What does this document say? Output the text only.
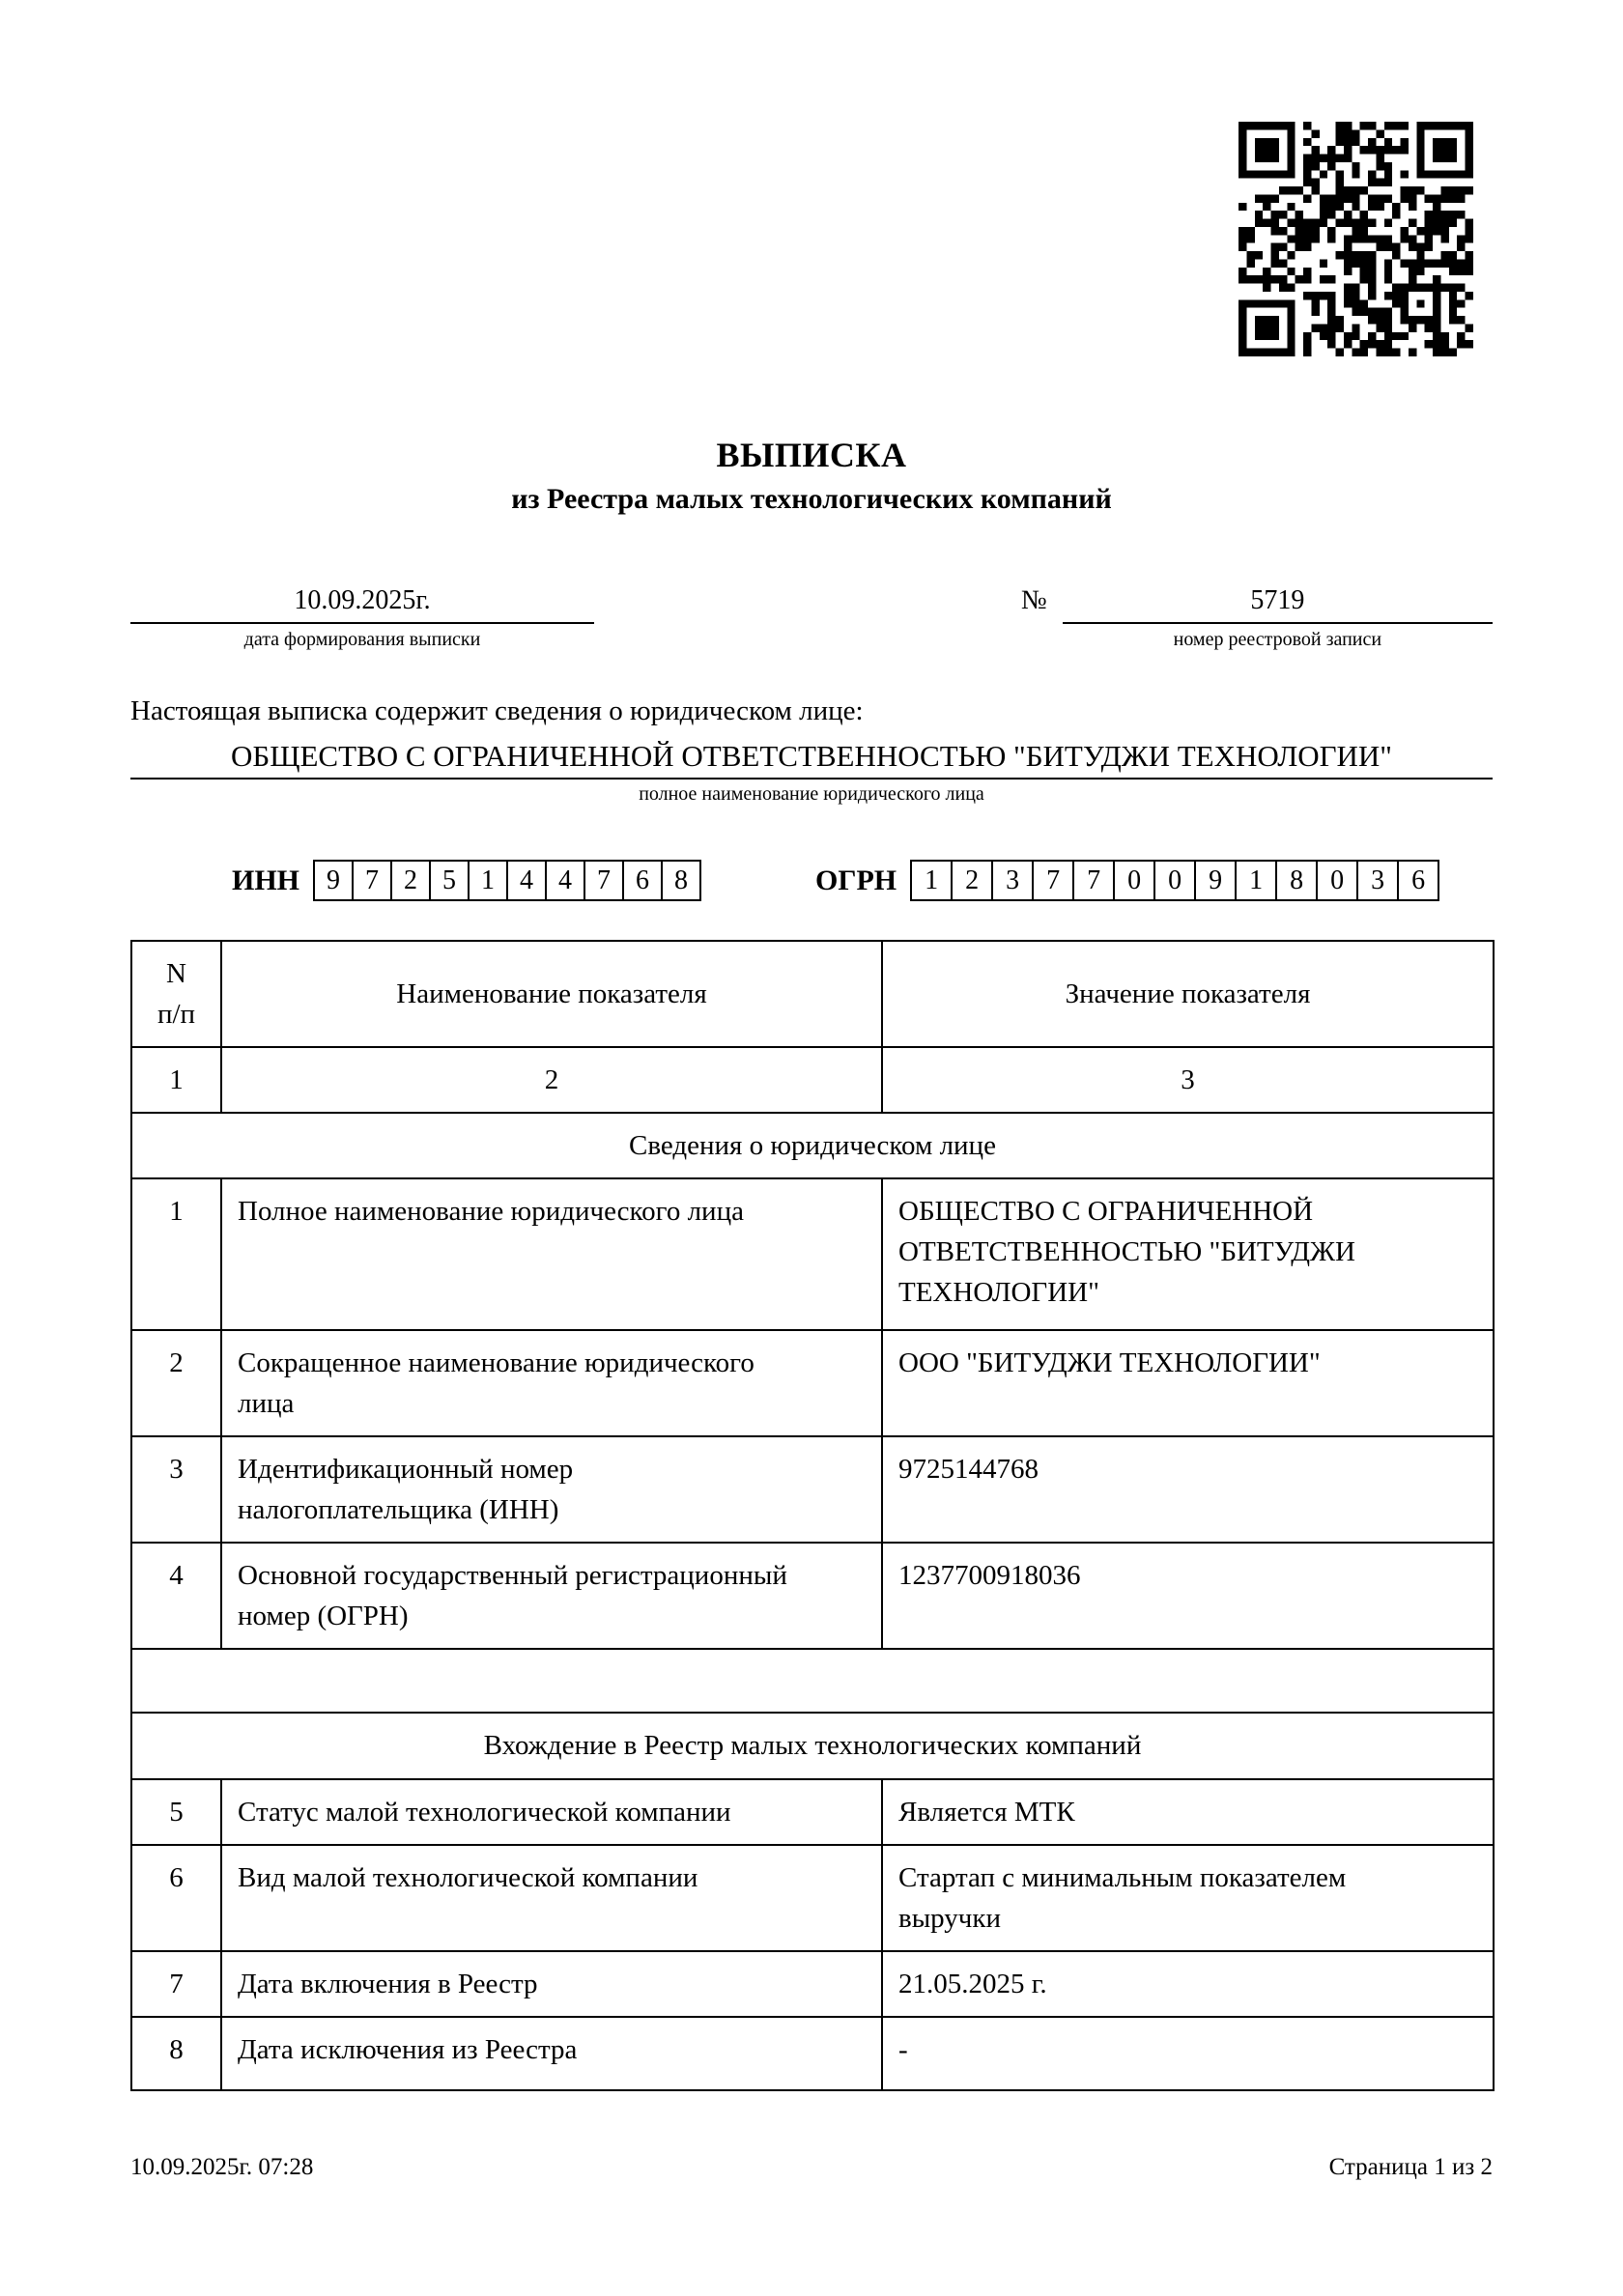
ВЫПИСКА
из Реестра малых технологических компаний
10.09.2025г.
дата формирования выписки
№	5719
номер реестровой записи

Настоящая выписка содержит сведения о юридическом лице:

ОБЩЕСТВО С ОГРАНИЧЕННОЙ ОТВЕТСТВЕННОСТЬЮ "БИТУДЖИ ТЕХНОЛОГИИ"
полное наименование юридического лица
ИНН	9 7 2 5 1 4 4 7 6 8	ОГРН	1	2	3	7	7	0	0	9	1	8	0	3	6
N
п/п	Наименование показателя	Значение показателя
1	2	3
Сведения о юридическом лице		
1	Полное наименование юридического лица	ОБЩЕСТВО С ОГРАНИЧЕННОЙ ОТВЕТСТВЕННОСТЬЮ "БИТУДЖИ ТЕХНОЛОГИИ"

2	Сокращенное наименование юридического лица	ООО "БИТУДЖИ ТЕХНОЛОГИИ"

3	Идентификационный номер налогоплательщика (ИНН)	9725144768

4	Основной государственный регистрационный номер (ОГРН)	1237700918036

Вхождение в Реестр малых технологических компаний		
5	Статус малой технологической компании	Является МТК

6	Вид малой технологической компании	Стартап с минимальным показателем выручки

7	Дата включения в Реестр	21.05.2025 г.

8	Дата исключения из Реестра	-
10.09.2025г. 07:28	Страница 1 из 2
